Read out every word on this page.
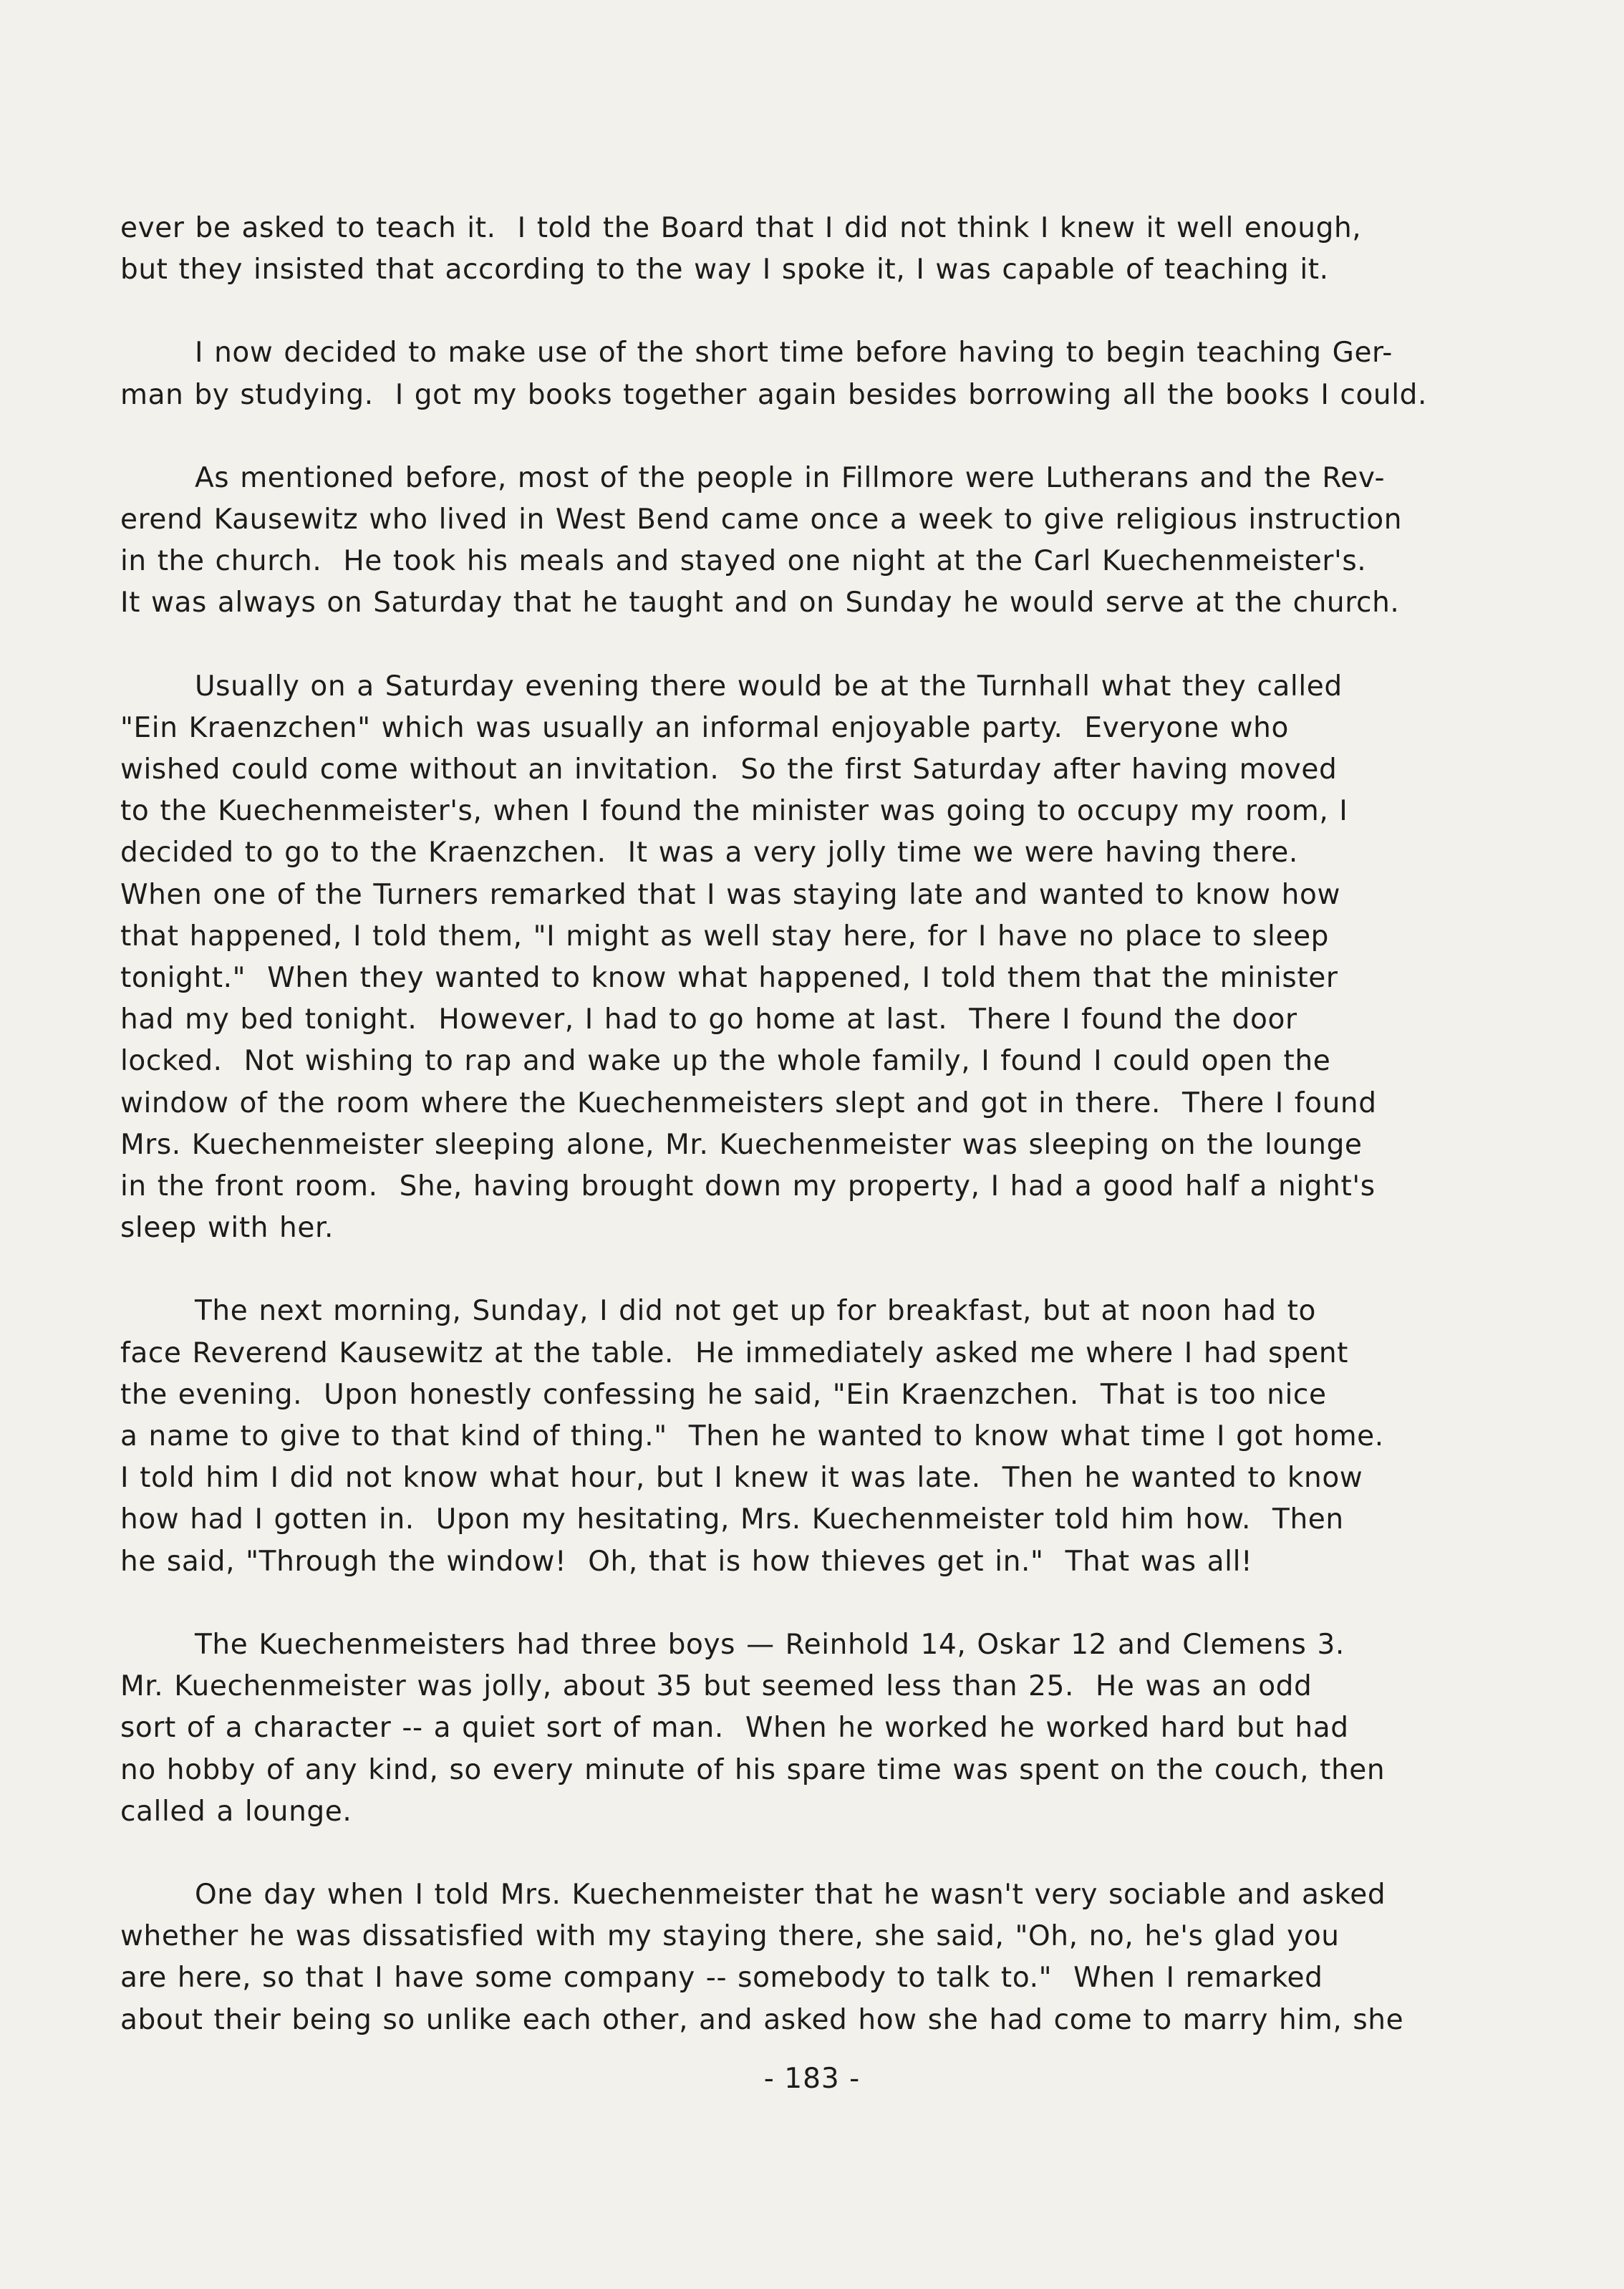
ever be asked to teach it.  I told the Board that I did not think I knew it well enough,
but they insisted that according to the way I spoke it, I was capable of teaching it.
I now decided to make use of the short time before having to begin teaching Ger-
man by studying.  I got my books together again besides borrowing all the books I could.
As mentioned before, most of the people in Fillmore were Lutherans and the Rev-
erend Kausewitz who lived in West Bend came once a week to give religious instruction
in the church.  He took his meals and stayed one night at the Carl Kuechenmeister's.
It was always on Saturday that he taught and on Sunday he would serve at the church.
Usually on a Saturday evening there would be at the Turnhall what they called
"Ein Kraenzchen" which was usually an informal enjoyable party.  Everyone who
wished could come without an invitation.  So the first Saturday after having moved
to the Kuechenmeister's, when I found the minister was going to occupy my room, I
decided to go to the Kraenzchen.  It was a very jolly time we were having there.
When one of the Turners remarked that I was staying late and wanted to know how
that happened, I told them, "I might as well stay here, for I have no place to sleep
tonight."  When they wanted to know what happened, I told them that the minister
had my bed tonight.  However, I had to go home at last.  There I found the door
locked.  Not wishing to rap and wake up the whole family, I found I could open the
window of the room where the Kuechenmeisters slept and got in there.  There I found
Mrs. Kuechenmeister sleeping alone, Mr. Kuechenmeister was sleeping on the lounge
in the front room.  She, having brought down my property, I had a good half a night's
sleep with her.
The next morning, Sunday, I did not get up for breakfast, but at noon had to
face Reverend Kausewitz at the table.  He immediately asked me where I had spent
the evening.  Upon honestly confessing he said, "Ein Kraenzchen.  That is too nice
a name to give to that kind of thing."  Then he wanted to know what time I got home.
I told him I did not know what hour, but I knew it was late.  Then he wanted to know
how had I gotten in.  Upon my hesitating, Mrs. Kuechenmeister told him how.  Then
he said, "Through the window!  Oh, that is how thieves get in."  That was all!
The Kuechenmeisters had three boys — Reinhold 14, Oskar 12 and Clemens 3.
Mr. Kuechenmeister was jolly, about 35 but seemed less than 25.  He was an odd
sort of a character -- a quiet sort of man.  When he worked he worked hard but had
no hobby of any kind, so every minute of his spare time was spent on the couch, then
called a lounge.
One day when I told Mrs. Kuechenmeister that he wasn't very sociable and asked
whether he was dissatisfied with my staying there, she said, "Oh, no, he's glad you
are here, so that I have some company -- somebody to talk to."  When I remarked
about their being so unlike each other, and asked how she had come to marry him, she
- 183 -
